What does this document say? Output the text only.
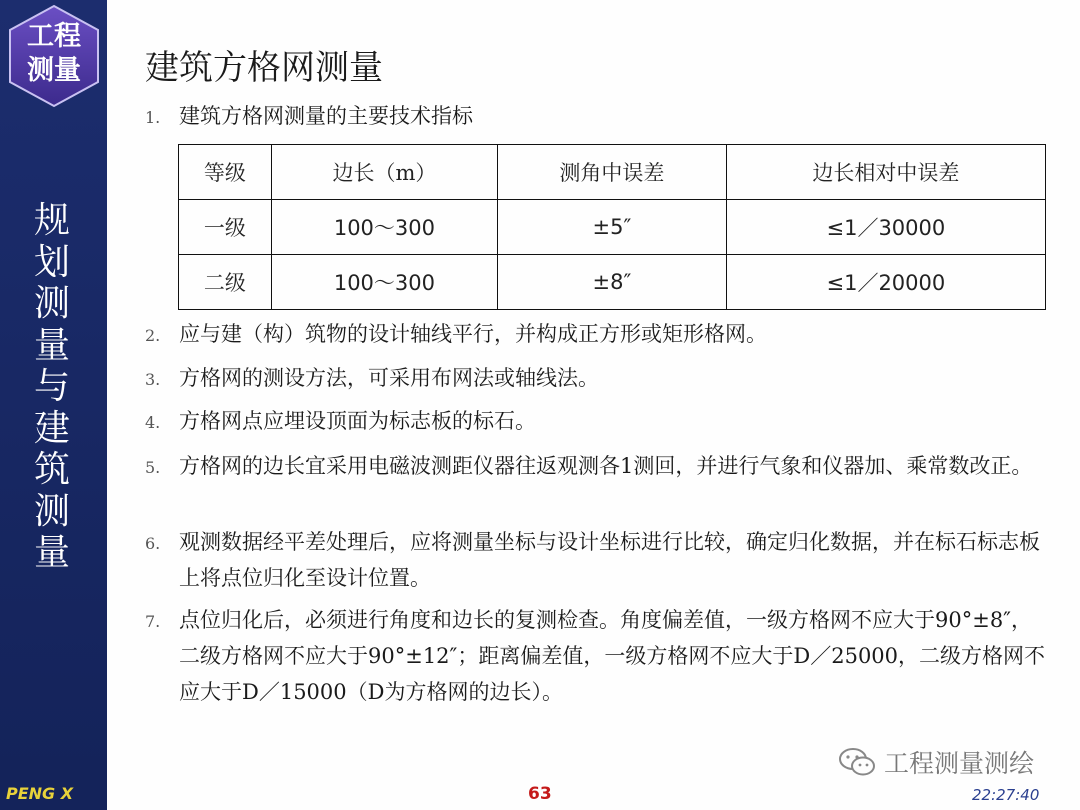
工程
测量
规
划
测
量
与
建
筑
测
量
建筑方格网测量
1. 建筑方格网测量的主要技术指标
等级	边长（m）	测角中误差	边长相对中误差
一级	100～300	±5″	≤1／30000
二级	100～300	±8″	≤1／20000
2. 应与建（构）筑物的设计轴线平行，并构成正方形或矩形格网。
3. 方格网的测设方法，可采用布网法或轴线法。
4. 方格网点应埋设顶面为标志板的标石。
5. 方格网的边长宜采用电磁波测距仪器往返观测各1测回，并进行气象和仪器加、乘常数改正。
6. 观测数据经平差处理后，应将测量坐标与设计坐标进行比较，确定归化数据，并在标石标志板上将点位归化至设计位置。
7. 点位归化后，必须进行角度和边长的复测检查。角度偏差值，一级方格网不应大于90°±8″，二级方格网不应大于90°±12″；距离偏差值，一级方格网不应大于D／25000，二级方格网不应大于D／15000（D为方格网的边长）。
工程测量测绘
PENG X	63	22:27:40
